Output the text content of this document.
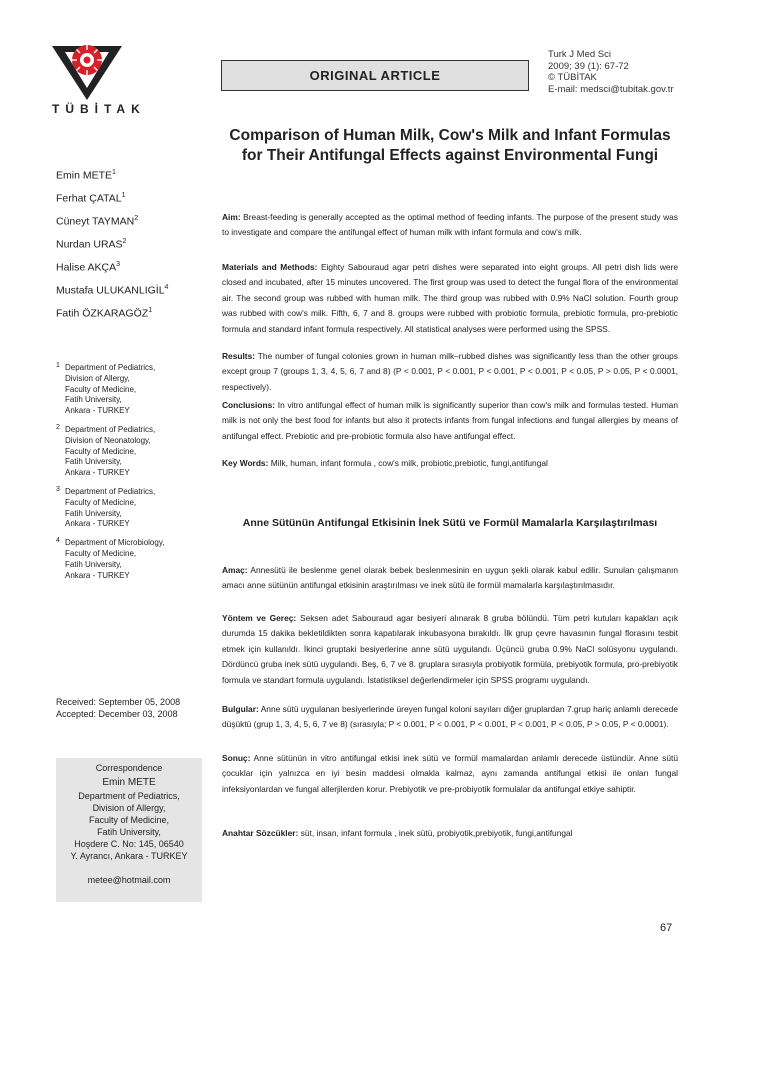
TÜBİTAK
ORIGINAL ARTICLE
Turk J Med Sci
2009; 39 (1): 67-72
© TÜBİTAK
E-mail: medsci@tubitak.gov.tr
Comparison of Human Milk, Cow's Milk and Infant Formulas for Their Antifungal Effects against Environmental Fungi
Emin METE$^1$
Ferhat ÇATAL$^1$
Cüneyt TAYMAN$^2$
Nurdan URAS$^2$
Halise AKÇA$^3$
Mustafa ULUKANLIGİL$^4$
Fatih ÖZKARAGÖZ$^1$
1 Department of Pediatrics,
Division of Allergy,
Faculty of Medicine,
Fatih University,
Ankara - TURKEY
2 Department of Pediatrics,
Division of Neonatology,
Faculty of Medicine,
Fatih University,
Ankara - TURKEY
3 Department of Pediatrics,
Faculty of Medicine,
Fatih University,
Ankara - TURKEY
4 Department of Microbiology,
Faculty of Medicine,
Fatih University,
Ankara - TURKEY
Received: September 05, 2008
Accepted: December 03, 2008
Correspondence
Emin METE
Department of Pediatrics,
Division of Allergy,
Faculty of Medicine,
Fatih University,
Hoşdere C. No: 145, 06540
Y. Ayrancı, Ankara - TURKEY
metee@hotmail.com
Aim: Breast-feeding is generally accepted as the optimal method of feeding infants. The purpose of the present study was to investigate and compare the antifungal effect of human milk with infant formula and cow's milk.
Materials and Methods: Eighty Sabouraud agar petri dishes were separated into eight groups. All petri dish lids were closed and incubated, after 15 minutes uncovered. The first group was used to detect the fungal flora of the environmental air. The second group was rubbed with human milk. The third group was rubbed with 0.9% NaCl solution. Fourth group was rubbed with cow's milk. Fifth, 6, 7 and 8. groups were rubbed with probiotic formula, prebiotic formula, pro-prebiotic formula and standard infant formula respectively. All statistical analyses were performed using the SPSS.
Results: The number of fungal colonies grown in human milk–rubbed dishes was significantly less than the other groups except group 7 (groups 1, 3, 4, 5, 6, 7 and 8) (P < 0.001, P < 0.001, P < 0.001, P < 0.001, P < 0.05, P > 0.05, P < 0.0001, respectively).
Conclusions: In vitro antifungal effect of human milk is significantly superior than cow's milk and formulas tested. Human milk is not only the best food for infants but also it protects infants from fungal infections and fungal allergies by means of antifungal effect. Prebiotic and pre-probiotic formula also have antifungal effect.
Key Words: Milk, human, infant formula , cow's milk, probiotic,prebiotic, fungi,antifungal
Anne Sütünün Antifungal Etkisinin İnek Sütü ve Formül Mamalarla Karşılaştırılması
Amaç: Annesütü ile beslenme genel olarak bebek beslenmesinin en uygun şekli olarak kabul edilir. Sunulan çalışmanın amacı anne sütünün antifungal etkisinin araştırılması ve inek sütü ile formül mamalarla karşılaştırılmasıdır.
Yöntem ve Gereç: Seksen adet Sabouraud agar besiyeri alınarak 8 gruba bölündü. Tüm petri kutuları kapakları açık durumda 15 dakika bekletildikten sonra kapatılarak inkubasyona bırakıldı. İlk grup çevre havasının fungal florasını tesbit etmek için kullanıldı. İkinci gruptaki besiyerlerine anne sütü uygulandı. Üçüncü gruba 0.9% NaCl solüsyonu uygulandı. Dördüncü gruba inek sütü uygulandı. Beş, 6, 7 ve 8. gruplara sırasıyla probiyotik formüla, prebiyotik formula, pro-prebiyotik formula ve standart formula uygulandı. İstatistiksel değerlendirmeler için SPSS programı uygulandı.
Bulgular: Anne sütü uygulanan besiyerlerinde üreyen fungal koloni sayıları diğer gruplardan 7.grup hariç anlamlı derecede düşüktü (grup 1, 3, 4, 5, 6, 7 ve 8) (sırasıyla; P < 0.001, P < 0.001, P < 0.001, P < 0.001, P < 0.05, P > 0.05, P < 0.0001).
Sonuç: Anne sütünün in vitro antifungal etkisi inek sütü ve formül mamalardan anlamlı derecede üstündür. Anne sütü çocuklar için yalnızca en iyi besin maddesi olmakla kalmaz, aynı zamanda antifungal etkisi ile onları fungal infeksiyonlardan ve fungal allerjilerden korur. Prebiyotik ve pre-probiyotik formulalar da antifungal etkiye sahiptir.
Anahtar Sözcükler: süt, insan, infant formula , inek sütü, probiyotik,prebiyotik, fungi,antifungal
67
